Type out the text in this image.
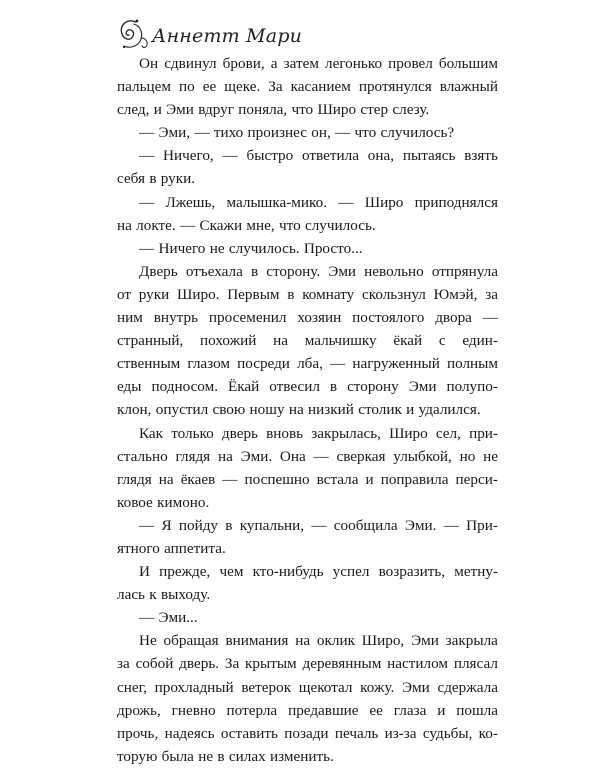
Аннетт Мари
Он сдвинул брови, а затем легонько провел большим
пальцем по ее щеке. За касанием протянулся влажный
след, и Эми вдруг поняла, что Широ стер слезу.
— Эми, — тихо произнес он, — что случилось?
— Ничего, — быстро ответила она, пытаясь взять
себя в руки.
— Лжешь, малышка-мико. — Широ приподнялся
на локте. — Скажи мне, что случилось.
— Ничего не случилось. Просто...
Дверь отъехала в сторону. Эми невольно отпрянула
от руки Широ. Первым в комнату скользнул Юмэй, за
ним внутрь просеменил хозяин постоялого двора —
странный, похожий на мальчишку ёкай с един-
ственным глазом посреди лба, — нагруженный полным
еды подносом. Ёкай отвесил в сторону Эми полупо-
клон, опустил свою ношу на низкий столик и удалился.
Как только дверь вновь закрылась, Широ сел, при-
стально глядя на Эми. Она — сверкая улыбкой, но не
глядя на ёкаев — поспешно встала и поправила перси-
ковое кимоно.
— Я пойду в купальни, — сообщила Эми. — При-
ятного аппетита.
И прежде, чем кто-нибудь успел возразить, метну-
лась к выходу.
— Эми...
Не обращая внимания на оклик Широ, Эми закрыла
за собой дверь. За крытым деревянным настилом плясал
снег, прохладный ветерок щекотал кожу. Эми сдержала
дрожь, гневно потерла предавшие ее глаза и пошла
прочь, надеясь оставить позади печаль из-за судьбы, ко-
торую была не в силах изменить.
